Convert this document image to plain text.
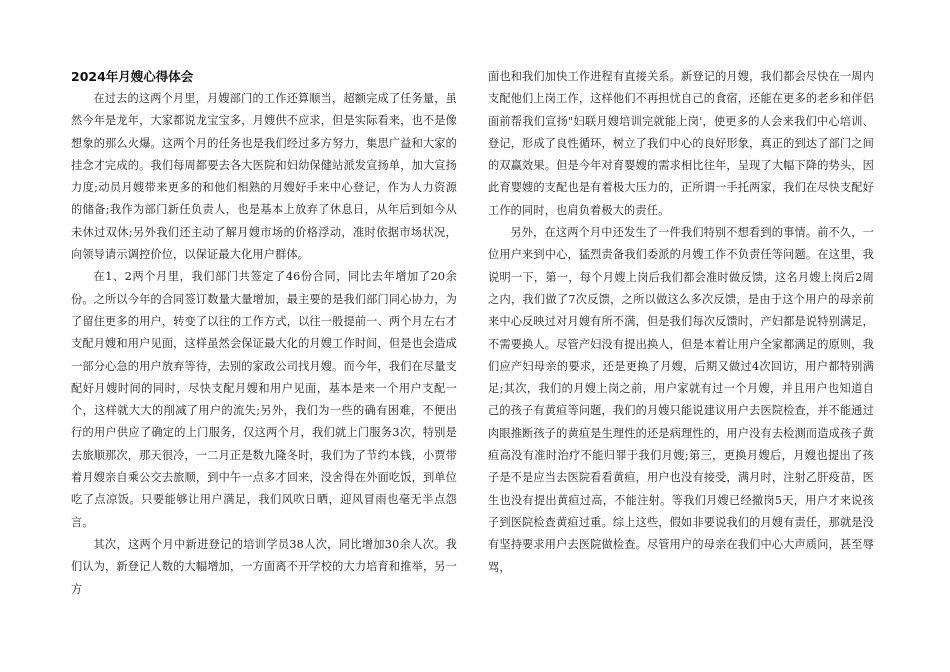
2024年月嫂心得体会

在过去的这两个月里，月嫂部门的工作还算顺当，超额完成了任务量，虽然今年是龙年，大家都说龙宝宝多，月嫂供不应求，但是实际看来，也不是像想象的那么火爆。这两个月的任务也是我们经过多方努力，集思广益和大家的挂念才完成的。我们每周都要去各大医院和妇幼保健站派发宣扬单，加大宣扬力度;动员月嫂带来更多的和他们相熟的月嫂好手来中心登记，作为人力资源的储备;我作为部门新任负责人，也是基本上放弃了休息日，从年后到如今从未休过双休;另外我们还主动了解月嫂市场的价格浮动，准时依据市场状况，向领导请示调控价位，以保证最大化用户群体。

在1、2两个月里，我们部门共签定了46份合同，同比去年增加了20余份。之所以今年的合同签订数量大量增加，最主要的是我们部门同心协力，为了留住更多的用户，转变了以往的工作方式，以往一般提前一、两个月左右才支配月嫂和用户见面，这样虽然会保证最大化的月嫂工作时间，但是也会造成一部分心急的用户放弃等待，去别的家政公司找月嫂。而今年，我们在尽量支配好月嫂时间的同时，尽快支配月嫂和用户见面，基本是来一个用户支配一个，这样就大大的削减了用户的流失;另外，我们为一些的确有困难，不便出行的用户供应了确定的上门服务，仅这两个月，我们就上门服务3次，特别是去旅顺那次，那天很冷，一二月正是数九隆冬时，我们为了节约本钱，小贾带着月嫂亲自乘公交去旅顺，到中午一点多才回来，没舍得在外面吃饭，到单位吃了点凉饭。只要能够让用户满足，我们风吹日晒，迎风冒雨也毫无半点怨言。

其次，这两个月中新进登记的培训学员38人次，同比增加30余人次。我们认为，新登记人数的大幅增加，一方面离不开学校的大力培育和推举，另一方

面也和我们加快工作进程有直接关系。新登记的月嫂，我们都会尽快在一周内支配他们上岗工作，这样他们不再担忧自己的食宿，还能在更多的老乡和伴侣面前帮我们宣扬"妇联月嫂培训完就能上岗'，使更多的人会来我们中心培训、登记，形成了良性循环，树立了我们中心的良好形象，真正的到达了部门之间的双赢效果。但是今年对育婴嫂的需求相比往年，呈现了大幅下降的势头，因此育婴嫂的支配也是有着极大压力的，正所谓一手托两家，我们在尽快支配好工作的同时，也肩负着极大的责任。

另外，在这两个月中还发生了一件我们特别不想看到的事情。前不久，一位用户来到中心，猛烈责备我们委派的月嫂工作不负责任等问题。在这里，我说明一下，第一，每个月嫂上岗后我们都会准时做反馈，这名月嫂上岗后2周之内，我们做了7次反馈，之所以做这么多次反馈，是由于这个用户的母亲前来中心反映过对月嫂有所不满，但是我们每次反馈时，产妇都是说特别满足，不需要换人。尽管产妇没有提出换人，但是本着让用户全家都满足的原则，我们应产妇母亲的要求，还是更换了月嫂，后期又做过4次回访，用户都特别满足;其次，我们的月嫂上岗之前，用户家就有过一个月嫂，并且用户也知道自己的孩子有黄疸等问题，我们的月嫂只能说建议用户去医院检查，并不能通过肉眼推断孩子的黄疸是生理性的还是病理性的，用户没有去检测而造成孩子黄疸高没有准时治疗不能归罪于我们月嫂;第三，更换月嫂后，月嫂也提出了孩子是不是应当去医院看看黄疸，用户也没有接受，满月时，注射乙肝疫苗，医生也没有提出黄疸过高，不能注射。等我们月嫂已经撤岗5天，用户才来说孩子到医院检查黄疸过重。综上这些，假如非要说我们的月嫂有责任，那就是没有坚持要求用户去医院做检查。尽管用户的母亲在我们中心大声质问，甚至辱骂，
